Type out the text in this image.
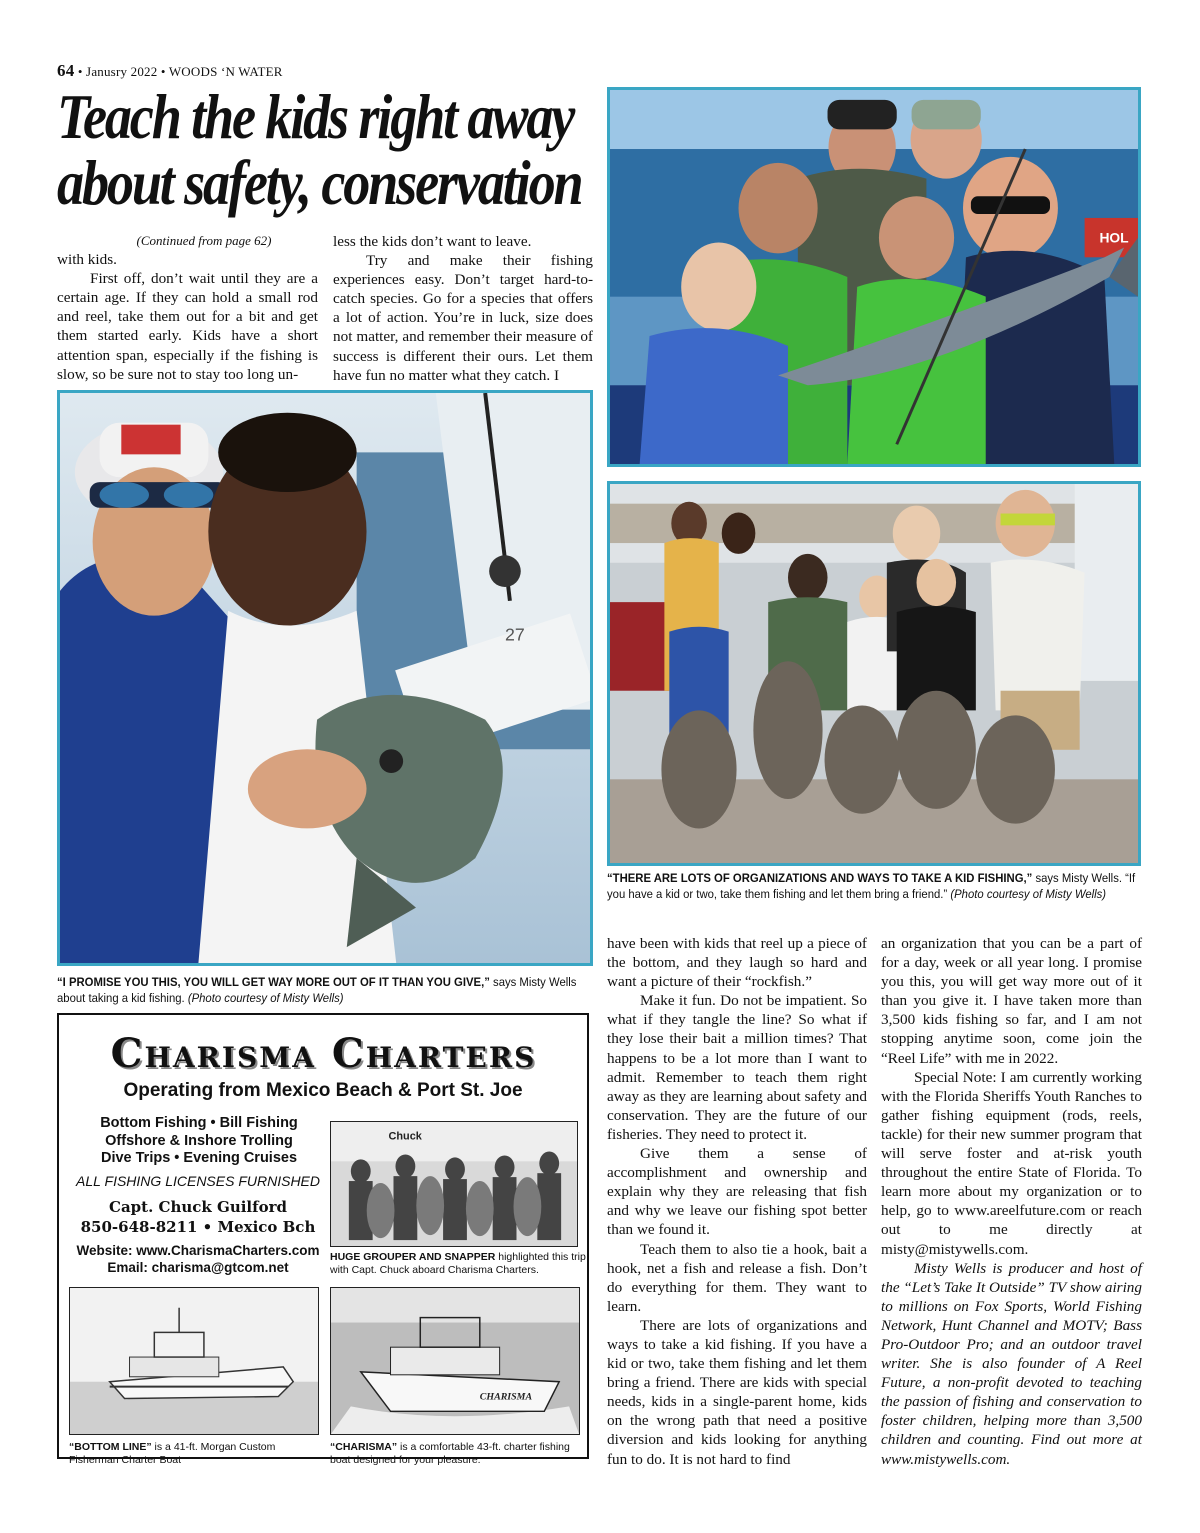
64 • Janusry 2022 • WOODS ‘N WATER
Teach the kids right away
about safety, conservation

(Continued from page 62)

with kids.

First off, don’t wait until they are a certain age. If they can hold a small rod and reel, take them out for a bit and get them started early. Kids have a short attention span, especially if the fishing is slow, so be sure not to stay too long un-

less the kids don’t want to leave.

Try and make their fishing experiences easy. Don’t target hard-to-catch species. Go for a species that offers a lot of action. You’re in luck, size does not matter, and remember their measure of success is different their ours. Let them have fun no matter what they catch. I

27
“I PROMISE YOU THIS, YOU WILL GET WAY MORE OUT OF IT THAN YOU GIVE,” says Misty Wells about taking a kid fishing. (Photo courtesy of Misty Wells)
HOL
“THERE ARE LOTS OF ORGANIZATIONS AND WAYS TO TAKE A KID FISHING,” says Misty Wells. “If you have a kid or two, take them fishing and let them bring a friend.” (Photo courtesy of Misty Wells)

have been with kids that reel up a piece of the bottom, and they laugh so hard and want a picture of their “rockfish.”

Make it fun. Do not be impatient. So what if they tangle the line? So what if they lose their bait a million times? That happens to be a lot more than I want to admit. Remember to teach them right away as they are learning about safety and conservation. They are the future of our fisheries. They need to protect it.

Give them a sense of accomplishment and ownership and explain why they are releasing that fish and why we leave our fishing spot better than we found it.

Teach them to also tie a hook, bait a hook, net a fish and release a fish. Don’t do everything for them. They want to learn.

There are lots of organizations and ways to take a kid fishing. If you have a kid or two, take them fishing and let them bring a friend. There are kids with special needs, kids in a single-parent home, kids on the wrong path that need a positive diversion and kids looking for anything fun to do. It is not hard to find

an organization that you can be a part of for a day, week or all year long. I promise you this, you will get way more out of it than you give it. I have taken more than 3,500 kids fishing so far, and I am not stopping anytime soon, come join the “Reel Life” with me in 2022.

Special Note: I am currently working with the Florida Sheriffs Youth Ranches to gather fishing equipment (rods, reels, tackle) for their new summer program that will serve foster and at-risk youth throughout the entire State of Florida. To learn more about my organization or to help, go to www.areelfuture.com or reach out to me directly at misty@mistywells.com.

Misty Wells is producer and host of the “Let’s Take It Outside” TV show airing to millions on Fox Sports, World Fishing Network, Hunt Channel and MOTV; Bass Pro-Outdoor Pro; and an outdoor travel writer. She is also founder of A Reel Future, a non-profit devoted to teaching the passion of fishing and conservation to foster children, helping more than 3,500 children and counting. Find out more at www.mistywells.com.

Charisma Charters
Operating from Mexico Beach & Port St. Joe
Bottom Fishing • Bill Fishing
Offshore & Inshore Trolling
Dive Trips • Evening Cruises
ALL FISHING LICENSES FURNISHED
Capt. Chuck Guilford
850-648-8211 • Mexico Bch
Website: www.CharismaCharters.com
Email: charisma@gtcom.net
Chuck
HUGE GROUPER AND SNAPPER highlighted this trip with Capt. Chuck aboard Charisma Charters.
CHARISMA
“BOTTOM LINE” is a 41-ft. Morgan Custom Fisherman Charter Boat
“CHARISMA” is a comfortable 43-ft. charter fishing boat designed for your pleasure.
